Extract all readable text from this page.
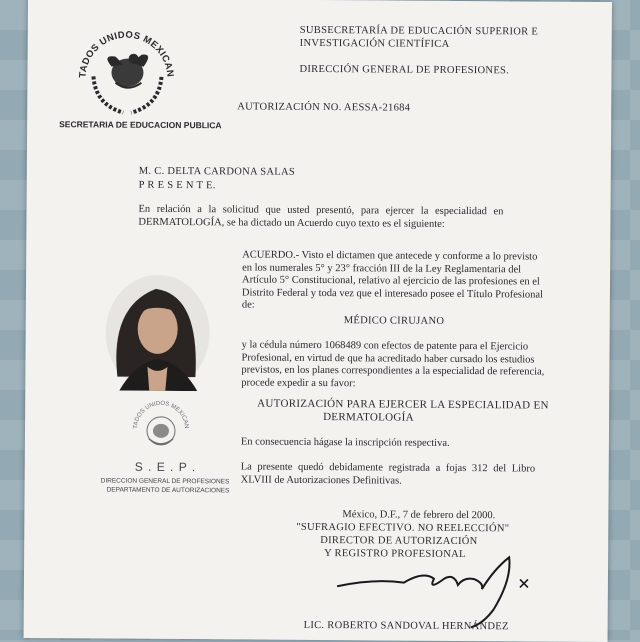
ESTADOS UNIDOS MEXICANOS
SECRETARIA DE EDUCACION PUBLICA
SUBSECRETARÍA DE EDUCACIÓN SUPERIOR E
INVESTIGACIÓN CIENTÍFICA
DIRECCIÓN GENERAL DE PROFESIONES.
AUTORIZACIÓN NO. AESSA-21684
M. C. DELTA CARDONA SALAS
P R E S E N T E.
En relación a la solicitud que usted presentó, para ejercer la especialidad en
DERMATOLOGÍA, se ha dictado un Acuerdo cuyo texto es el siguiente:
ACUERDO.- Visto el dictamen que antecede y conforme a lo previsto
en los numerales 5° y 23° fracción III de la Ley Reglamentaria del
Artículo 5° Constitucional, relativo al ejercicio de las profesiones en el
Distrito Federal y toda vez que el interesado posee el Título Profesional
de:
MÉDICO CIRUJANO
y la cédula número 1068489 con efectos de patente para el Ejercicio
Profesional, en virtud de que ha acreditado haber cursado los estudios
previstos, en los planes correspondientes a la especialidad de referencia,
procede expedir a su favor:
AUTORIZACIÓN PARA EJERCER LA ESPECIALIDAD EN
DERMATOLOGÍA
ESTADOS UNIDOS MEXICANOS
S . E . P .
DIRECCION GENERAL DE PROFESIONES
DEPARTAMENTO DE AUTORIZACIONES
En consecuencia hágase la inscripción respectiva.
La presente quedó debidamente registrada a fojas 312 del Libro
XLVIII de Autorizaciones Definitivas.
México, D.F., 7 de febrero del 2000.
"SUFRAGIO EFECTIVO. NO REELECCIÓN"
DIRECTOR DE AUTORIZACIÓN
Y REGISTRO PROFESIONAL
LIC. ROBERTO SANDOVAL HERNÁNDEZ
